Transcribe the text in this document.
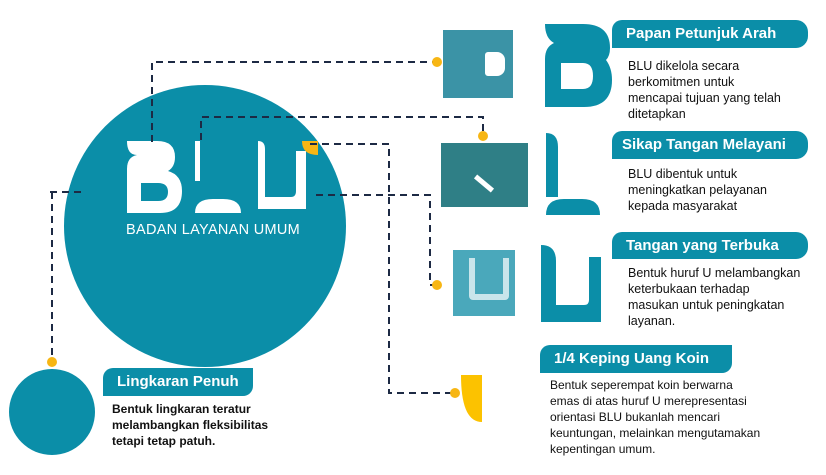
BADAN LAYANAN UMUM
Papan Petunjuk Arah
BLU dikelola secara berkomitmen untuk mencapai tujuan yang telah ditetapkan
Sikap Tangan Melayani
BLU dibentuk untuk meningkatkan pelayanan kepada masyarakat
Tangan yang Terbuka
Bentuk huruf U melambangkan keterbukaan terhadap masukan untuk peningkatan layanan.
1/4 Keping Uang Koin
Bentuk seperempat koin berwarna emas di atas huruf U merepresentasi orientasi BLU bukanlah mencari keuntungan, melainkan mengutamakan kepentingan umum.
Lingkaran Penuh
Bentuk lingkaran teratur melambangkan fleksibilitas tetapi tetap patuh.
